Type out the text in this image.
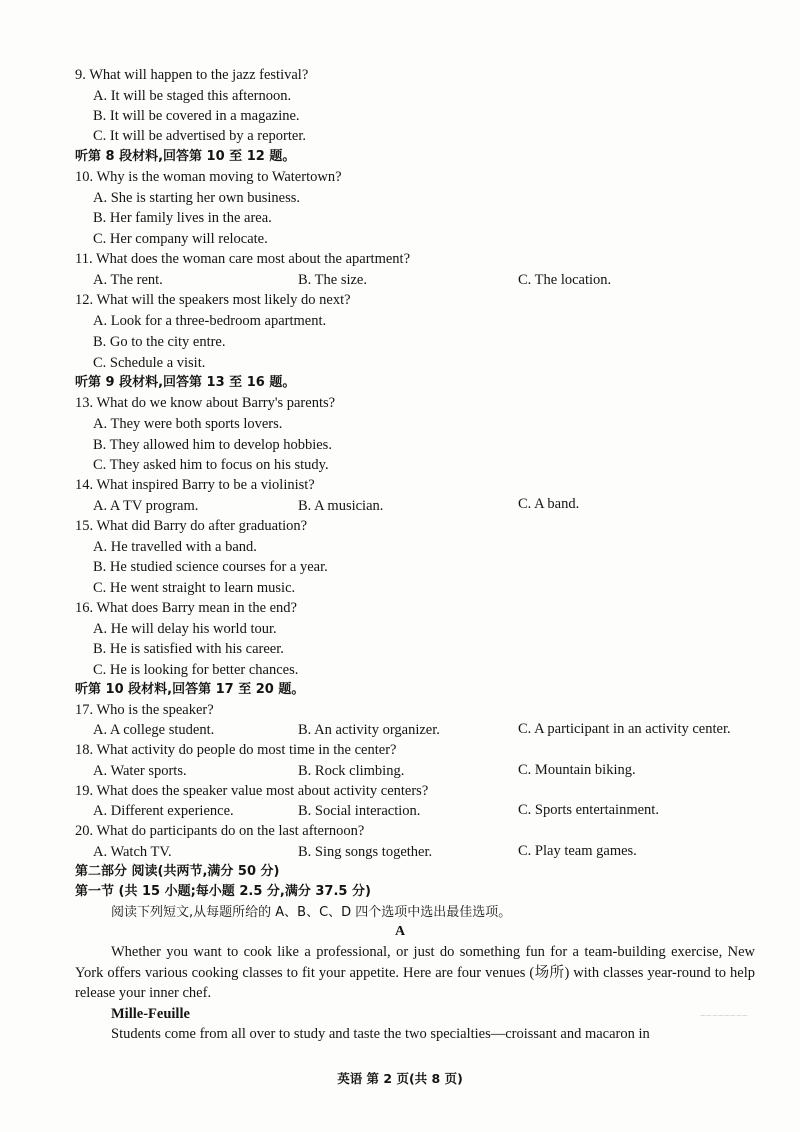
9. What will happen to the jazz festival?
A. It will be staged this afternoon.
B. It will be covered in a magazine.
C. It will be advertised by a reporter.
听第 8 段材料,回答第 10 至 12 题。
10. Why is the woman moving to Watertown?
A. She is starting her own business.
B. Her family lives in the area.
C. Her company will relocate.
11. What does the woman care most about the apartment?
A. The rent.	B. The size.	C. The location.
12. What will the speakers most likely do next?
A. Look for a three-bedroom apartment.
B. Go to the city entre.
C. Schedule a visit.
听第 9 段材料,回答第 13 至 16 题。
13. What do we know about Barry's parents?
A. They were both sports lovers.
B. They allowed him to develop hobbies.
C. They asked him to focus on his study.
14. What inspired Barry to be a violinist?
A. A TV program.	B. A musician.	C. A band.
15. What did Barry do after graduation?
A. He travelled with a band.
B. He studied science courses for a year.
C. He went straight to learn music.
16. What does Barry mean in the end?
A. He will delay his world tour.
B. He is satisfied with his career.
C. He is looking for better chances.
听第 10 段材料,回答第 17 至 20 题。
17. Who is the speaker?
A. A college student.	B. An activity organizer.	C. A participant in an activity center.
18. What activity do people do most time in the center?
A. Water sports.	B. Rock climbing.	C. Mountain biking.
19. What does the speaker value most about activity centers?
A. Different experience.	B. Social interaction.	C. Sports entertainment.
20. What do participants do on the last afternoon?
A. Watch TV.	B. Sing songs together.	C. Play team games.
第二部分 阅读(共两节,满分 50 分)
第一节 (共 15 小题;每小题 2.5 分,满分 37.5 分)
阅读下列短文,从每题所给的 A、B、C、D 四个选项中选出最佳选项。
A
Whether you want to cook like a professional, or just do something fun for a team-building exercise, New York offers various cooking classes to fit your appetite. Here are four venues (场所) with classes year-round to help release your inner chef.
Mille-Feuille
Students come from all over to study and taste the two specialties—croissant and macaron in
~~~~~~~~
英语 第 2 页(共 8 页)
